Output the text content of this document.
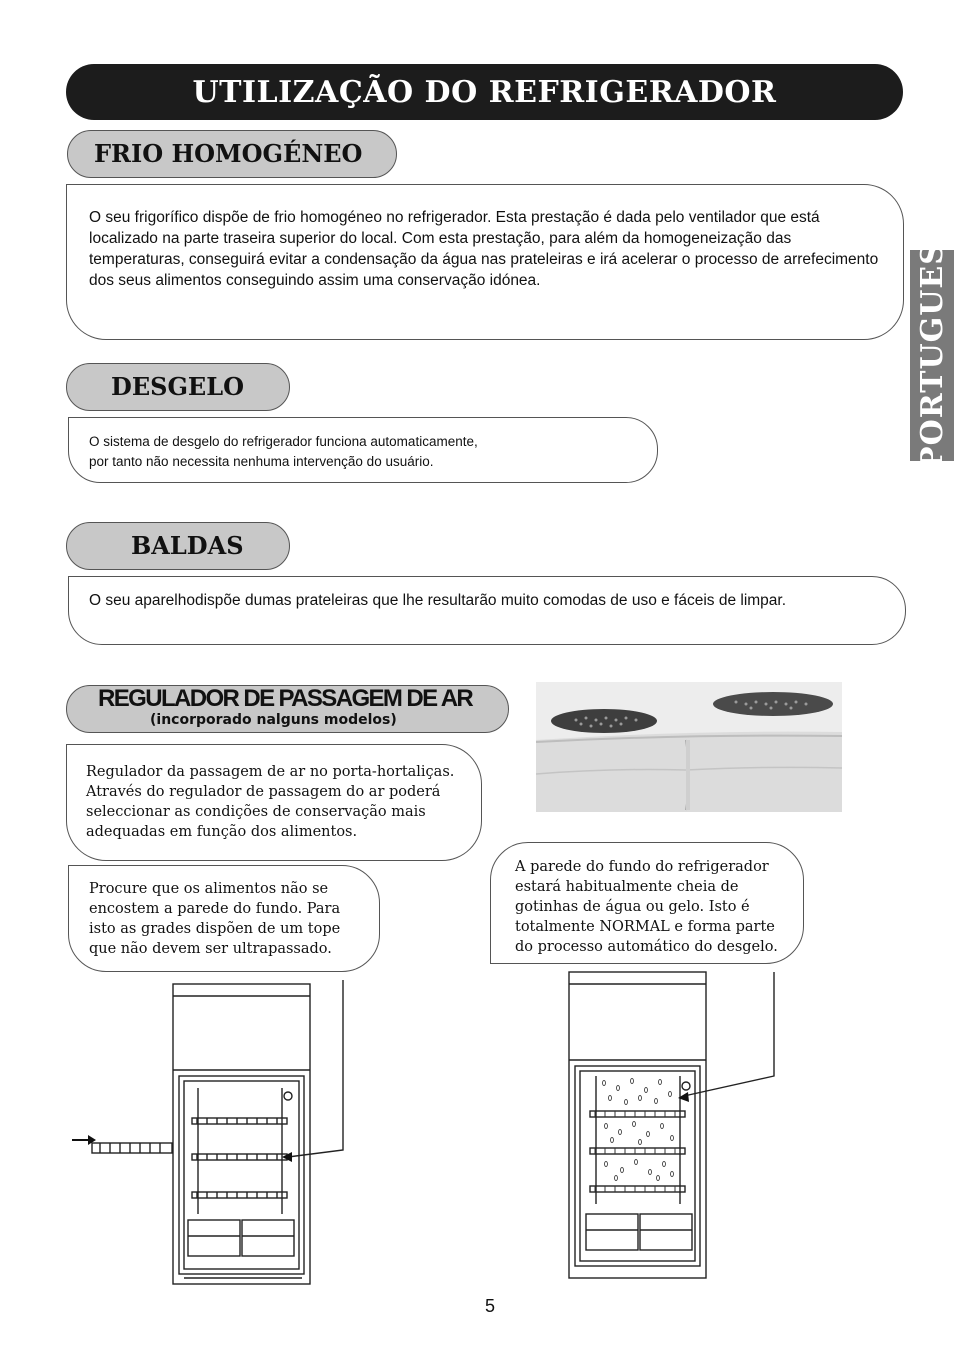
UTILIZAÇÃO DO REFRIGERADOR
PORTUGUES
FRIO HOMOGÉNEO
O seu frigorífico dispõe de frio homogéneo no refrigerador. Esta prestação é dada pelo ventilador que está localizado na parte traseira superior do local. Com esta prestação, para além da homogeneização das temperaturas, conseguirá evitar a condensação da água nas prateleiras e irá acelerar o processo de arrefecimento dos seus alimentos conseguindo assim uma conservação idónea.
DESGELO
O sistema de desgelo do refrigerador funciona automaticamente,
por tanto não necessita nenhuma intervenção do usuário.
BALDAS
O seu aparelhodispõe dumas prateleiras que lhe resultarão muito comodas de uso e fáceis de limpar.
REGULADOR DE PASSAGEM DE AR
(incorporado nalguns modelos)
Regulador da passagem de ar no porta-hortaliças. Através do regulador de passagem do ar poderá seleccionar as condições de conservação mais adequadas em função dos alimentos.
Procure que os alimentos não se encostem a parede do fundo. Para isto as grades dispõen de um tope que não devem ser ultrapassado.
A parede do fundo do refrigerador estará habitualmente cheia de gotinhas de água ou gelo. Isto é totalmente NORMAL e forma parte do processo automático do desgelo.
5
